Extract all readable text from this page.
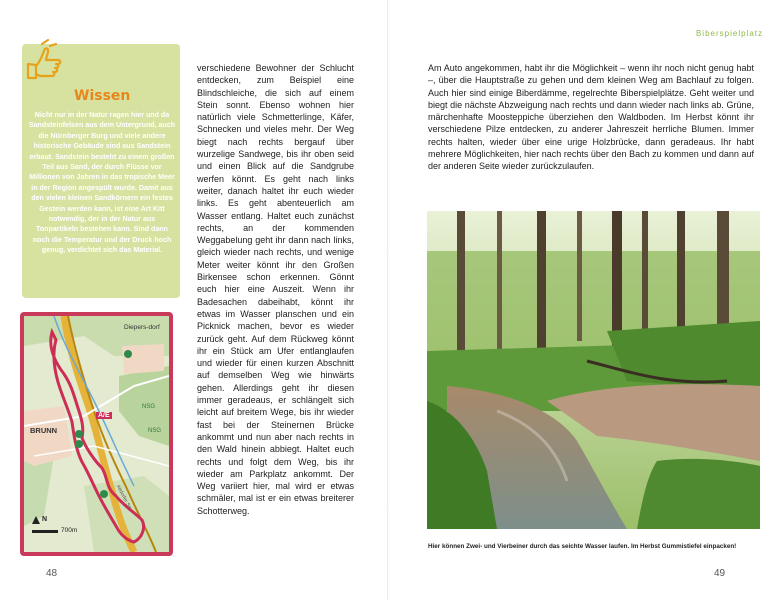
Wissen

Nicht nur in der Natur ragen hier und da Sandsteinfelsen aus dem Untergrund, auch die Nürnberger Burg und viele andere historische Gebäude sind aus Sandstein erbaut. Sandstein besteht zu einem großen Teil aus Sand, der durch Flüsse vor Millionen von Jahren in das tropische Meer in der Region angespült wurde. Damit aus den vielen kleinen Sandkörnern ein festes Gestein werden kann, ist eine Art Kitt notwendig, der in der Natur aus Tonpartikeln bestehen kann. Sind dann noch die Temperatur und der Druck hoch genug, verdichtet sich das Material.

Diepers-dorf
A/E
BRUNN
NSG
NSG
Altdorfer Str.
N
700m

verschiedene Bewohner der Schlucht entdecken, zum Beispiel eine Blindschleiche, die sich auf einem Stein sonnt. Ebenso wohnen hier natürlich viele Schmetterlinge, Käfer, Schnecken und vieles mehr. Der Weg biegt nach rechts bergauf über wurzelige Sandwege, bis ihr oben seid und einen Blick auf die Sandgrube werfen könnt. Es geht nach links weiter, danach haltet ihr euch wieder links. Es geht abenteuerlich am Wasser entlang. Haltet euch zunächst rechts, an der kommenden Weggabelung geht ihr dann nach links, gleich wieder nach rechts, und wenige Meter weiter könnt ihr den Großen Birkensee schon erkennen. Gönnt euch hier eine Auszeit. Wenn ihr Badesachen dabeihabt, könnt ihr etwas im Wasser planschen und ein Picknick machen, bevor es wieder zurück geht. Auf dem Rückweg könnt ihr ein Stück am Ufer entlanglaufen und wieder für einen kurzen Abschnitt auf demselben Weg wie hinwärts gehen. Allerdings geht ihr diesen immer geradeaus, er schlängelt sich leicht auf breitem Wege, bis ihr wieder fast bei der Steinernen Brücke ankommt und nun aber nach rechts in den Wald hinein abbiegt. Haltet euch rechts und folgt dem Weg, bis ihr wieder am Parkplatz ankommt. Der Weg variiert hier, mal wird er etwas schmäler, mal ist er ein etwas breiterer Schotterweg.

48
Biberspielplatz

Am Auto angekommen, habt ihr die Möglichkeit – wenn ihr noch nicht genug habt –, über die Hauptstraße zu gehen und dem kleinen Weg am Bachlauf zu folgen. Auch hier sind einige Biberdämme, regelrechte Biberspielplätze. Geht weiter und biegt die nächste Abzweigung nach rechts und dann wieder nach links ab. Grüne, märchenhafte Moosteppiche überziehen den Waldboden. Im Herbst könnt ihr verschiedene Pilze entdecken, zu anderer Jahreszeit herrliche Blumen. Immer rechts halten, wieder über eine urige Holzbrücke, dann geradeaus. Ihr habt mehrere Möglichkeiten, hier nach rechts über den Bach zu kommen und dann auf der anderen Seite wieder zurückzulaufen.

Hier können Zwei- und Vierbeiner durch das seichte Wasser laufen. Im Herbst Gummistiefel einpacken!

49
